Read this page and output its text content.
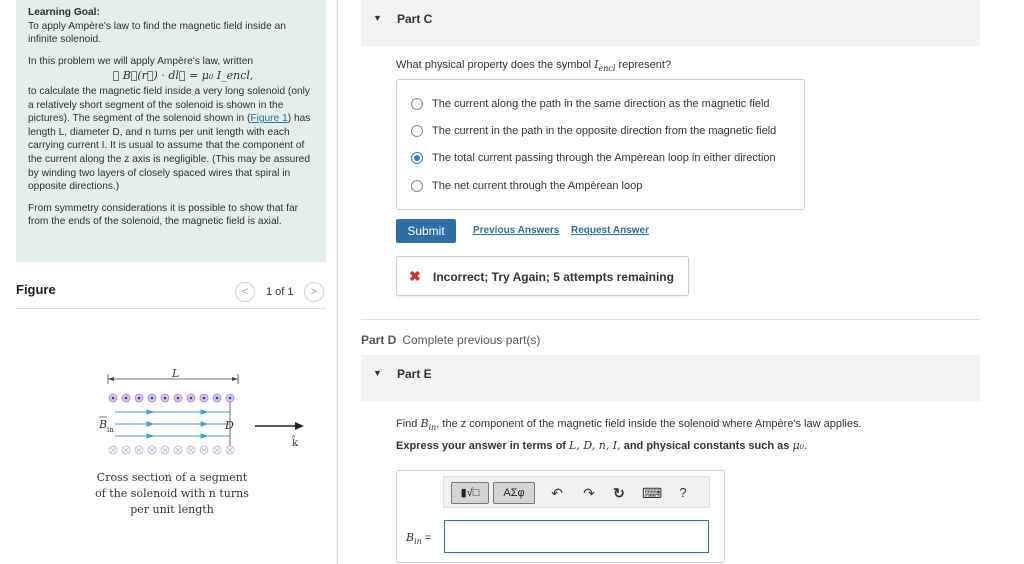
Learning Goal:

To apply Ampère's law to find the magnetic field inside an infinite solenoid.

In this problem we will apply Ampère's law, written
∮ B⃗(r⃗) · dl⃗ = μ₀ I_encl,

to calculate the magnetic field inside a very long solenoid (only a relatively short segment of the solenoid is shown in the pictures). The segment of the solenoid shown in (Figure 1) has length L, diameter D, and n turns per unit length with each carrying current I. It is usual to assume that the component of the current along the z axis is negligible. (This may be assured by winding two layers of closely spaced wires that spiral in opposite directions.)

From symmetry considerations it is possible to show that far from the ends of the solenoid, the magnetic field is axial.

Figure	<	1 of 1	>
L
D
B in
k̂
Cross section of a segment
of the solenoid with n turns
per unit length
▼ Part C
What physical property does the symbol $I_{encl}$ represent?
The current along the path in the same direction as the magnetic field
The current in the path in the opposite direction from the magnetic field
The total current passing through the Ampèrean loop in either direction
The net current through the Ampèrean loop
Submit	Previous Answers Request Answer
✖ Incorrect; Try Again; 5 attempts remaining
Part D Complete previous part(s)
▼ Part E
Find $B_{in}$, the z component of the magnetic field inside the solenoid where Ampère's law applies.
Express your answer in terms of L, D, n, I, and physical constants such as μ₀.
▮√□	ΑΣφ	↶ ↷ ↻ ⌨	?
$B_{in}$ =
